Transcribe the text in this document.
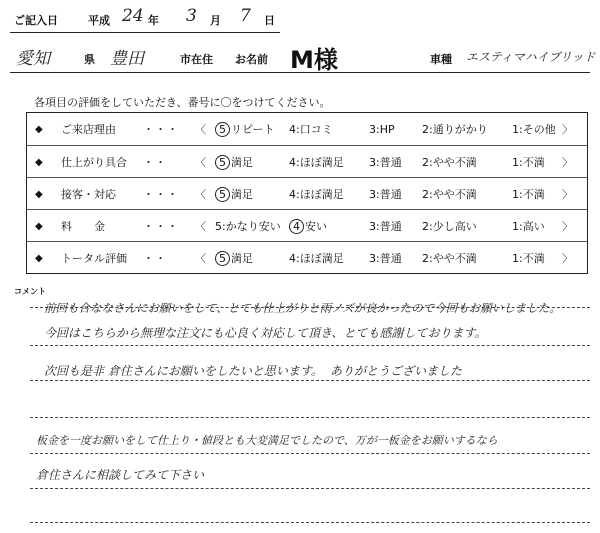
ご記入日	平成 24 年 3 月 7 日
愛知	県 豊田	市在住 お名前 M様	車種 エスティマハイブリッド
各項目の評価をしていただき、番号に〇をつけてください。
◆ ご来店理由 ・・・ 〈	5 リピート 4:口コミ	3:HP 2:通りがかり 1:その他 〉
◆ 仕上がり具合 ・・	〈	5 満足	4:ほぼ満足 3:普通 2:やや不満	1:不満 〉
◆ 接客・対応 ・・・ 〈	5 満足	4:ほぼ満足 3:普通 2:やや不満	1:不満 〉
◆ 料　　金	・・・ 〈 5:かなり安い	4 安い	3:普通 2:少し高い	1:高い 〉
◆ トータル評価 ・・	〈	5 満足	4:ほぼ満足 3:普通 2:やや不満	1:不満 〉
コメント
前回も合ななさんにお願いをして、とても仕上がりと雨ノズが良かったので今回もお願いしました。
今回はこちらから無理な注文にも心良く対応して頂き、とても感謝しております。
次回も是非 倉住さんにお願いをしたいと思います。 ありがとうございました
板金を一度お願いをして仕上り・値段とも大変満足でしたので、万が一板金をお願いするなら
倉住さんに相談してみて下さい
